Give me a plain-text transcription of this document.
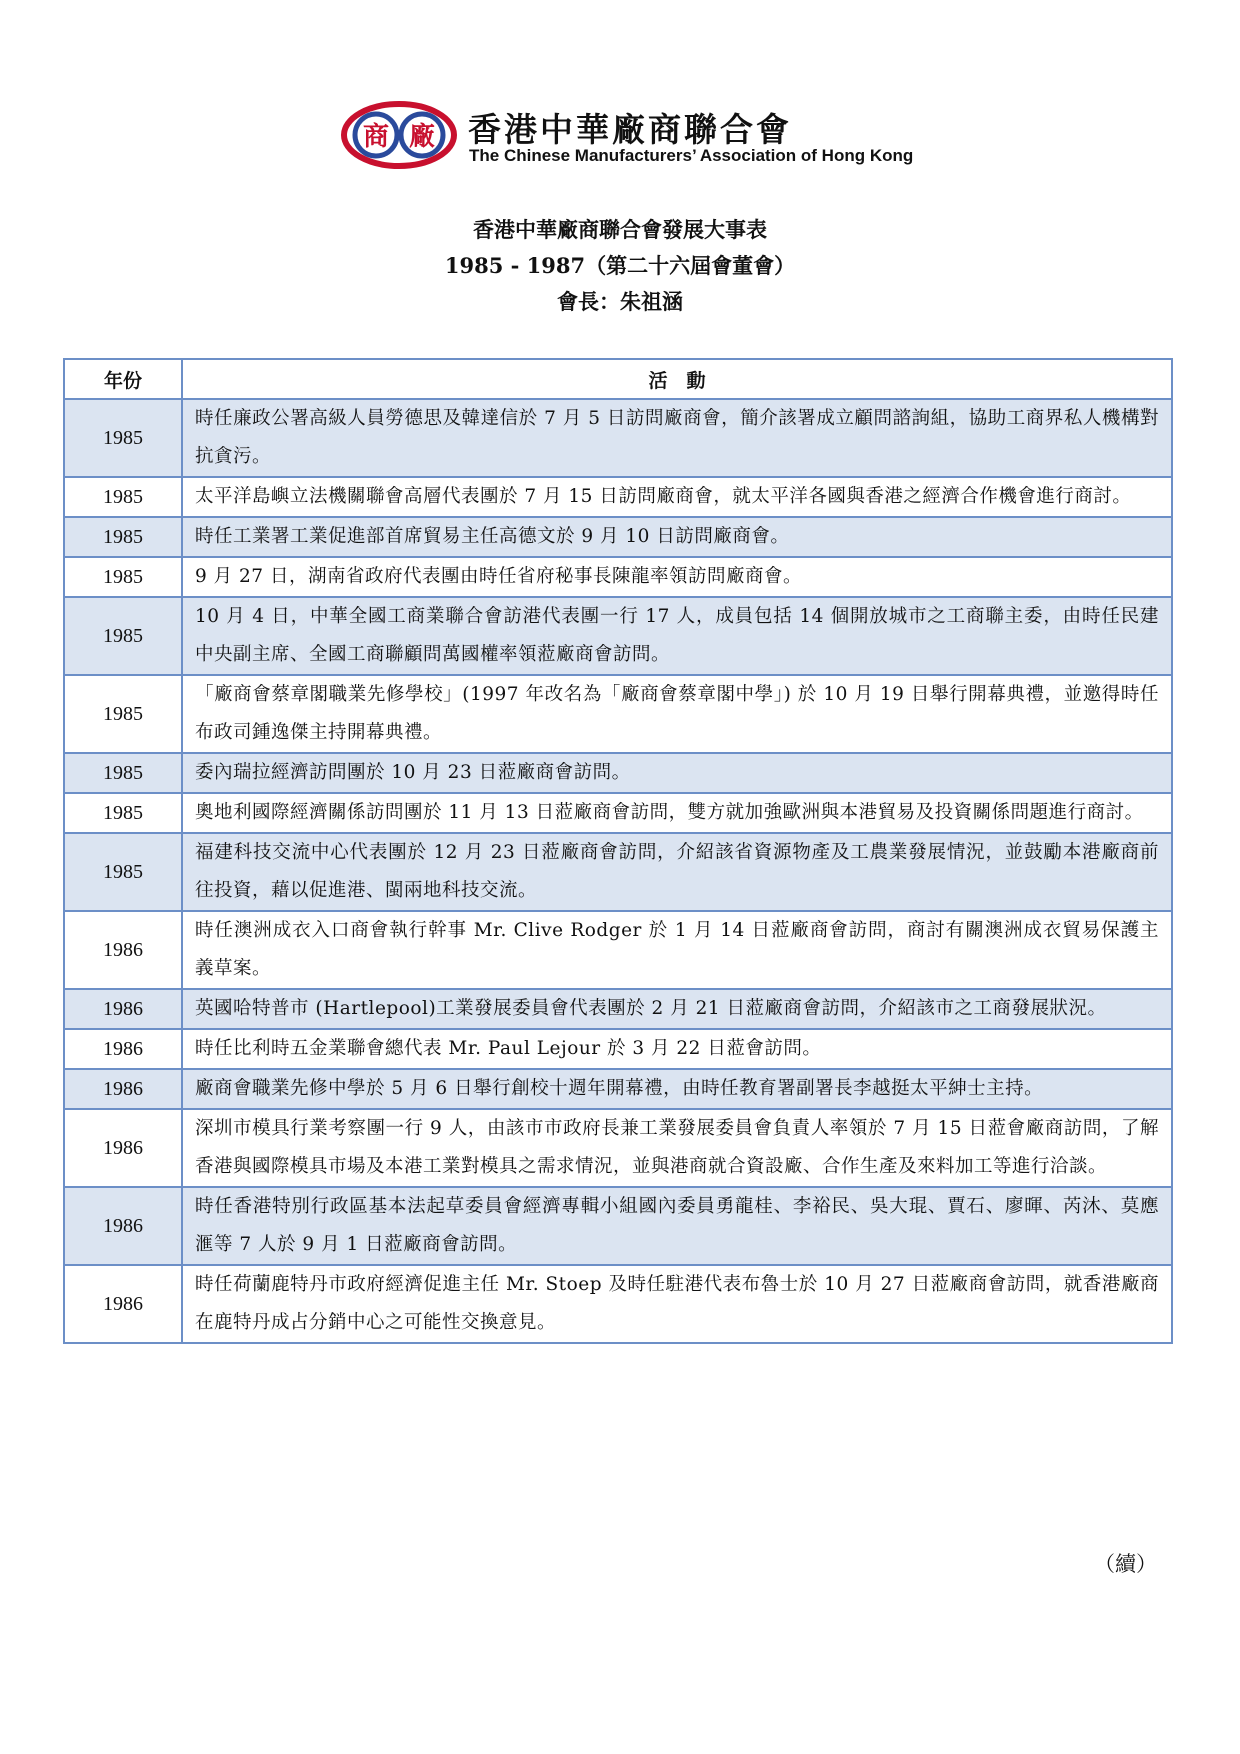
商 廠 香港中華廠商聯合會
The Chinese Manufacturers’ Association of Hong Kong
香港中華廠商聯合會發展大事表
1985 - 1987（第二十六屆會董會）
會長：朱祖涵
年份	活　動
1985	時任廉政公署高級人員勞德思及韓達信於 7 月 5 日訪問廠商會，簡介該署成立顧問諮詢組，協助工商界私人機構對抗貪污。
1985	太平洋島嶼立法機關聯會高層代表團於 7 月 15 日訪問廠商會，就太平洋各國與香港之經濟合作機會進行商討。
1985	時任工業署工業促進部首席貿易主任高德文於 9 月 10 日訪問廠商會。
1985	9 月 27 日，湖南省政府代表團由時任省府秘事長陳龍率領訪問廠商會。
1985	10 月 4 日，中華全國工商業聯合會訪港代表團一行 17 人，成員包括 14 個開放城市之工商聯主委，由時任民建中央副主席、全國工商聯顧問萬國權率領蒞廠商會訪問。
1985	「廠商會蔡章閣職業先修學校」(1997 年改名為「廠商會蔡章閣中學」) 於 10 月 19 日舉行開幕典禮，並邀得時任布政司鍾逸傑主持開幕典禮。
1985	委內瑞拉經濟訪問團於 10 月 23 日蒞廠商會訪問。
1985	奧地利國際經濟關係訪問團於 11 月 13 日蒞廠商會訪問，雙方就加強歐洲與本港貿易及投資關係問題進行商討。
1985	福建科技交流中心代表團於 12 月 23 日蒞廠商會訪問，介紹該省資源物產及工農業發展情況，並鼓勵本港廠商前往投資，藉以促進港、閩兩地科技交流。
1986	時任澳洲成衣入口商會執行幹事 Mr. Clive Rodger 於 1 月 14 日蒞廠商會訪問，商討有關澳洲成衣貿易保護主義草案。
1986	英國哈特普市 (Hartlepool)工業發展委員會代表團於 2 月 21 日蒞廠商會訪問，介紹該市之工商發展狀況。
1986	時任比利時五金業聯會總代表 Mr. Paul Lejour 於 3 月 22 日蒞會訪問。
1986	廠商會職業先修中學於 5 月 6 日舉行創校十週年開幕禮，由時任教育署副署長李越挺太平紳士主持。
1986	深圳市模具行業考察團一行 9 人，由該市市政府長兼工業發展委員會負責人率領於 7 月 15 日蒞會廠商訪問，了解香港與國際模具市場及本港工業對模具之需求情況，並與港商就合資設廠、合作生產及來料加工等進行洽談。
1986	時任香港特別行政區基本法起草委員會經濟專輯小組國內委員勇龍桂、李裕民、吳大琨、賈石、廖暉、芮沐、莫應滙等 7 人於 9 月 1 日蒞廠商會訪問。
1986	時任荷蘭鹿特丹市政府經濟促進主任 Mr. Stoep 及時任駐港代表布魯士於 10 月 27 日蒞廠商會訪問，就香港廠商在鹿特丹成占分銷中心之可能性交換意見。
（續）
